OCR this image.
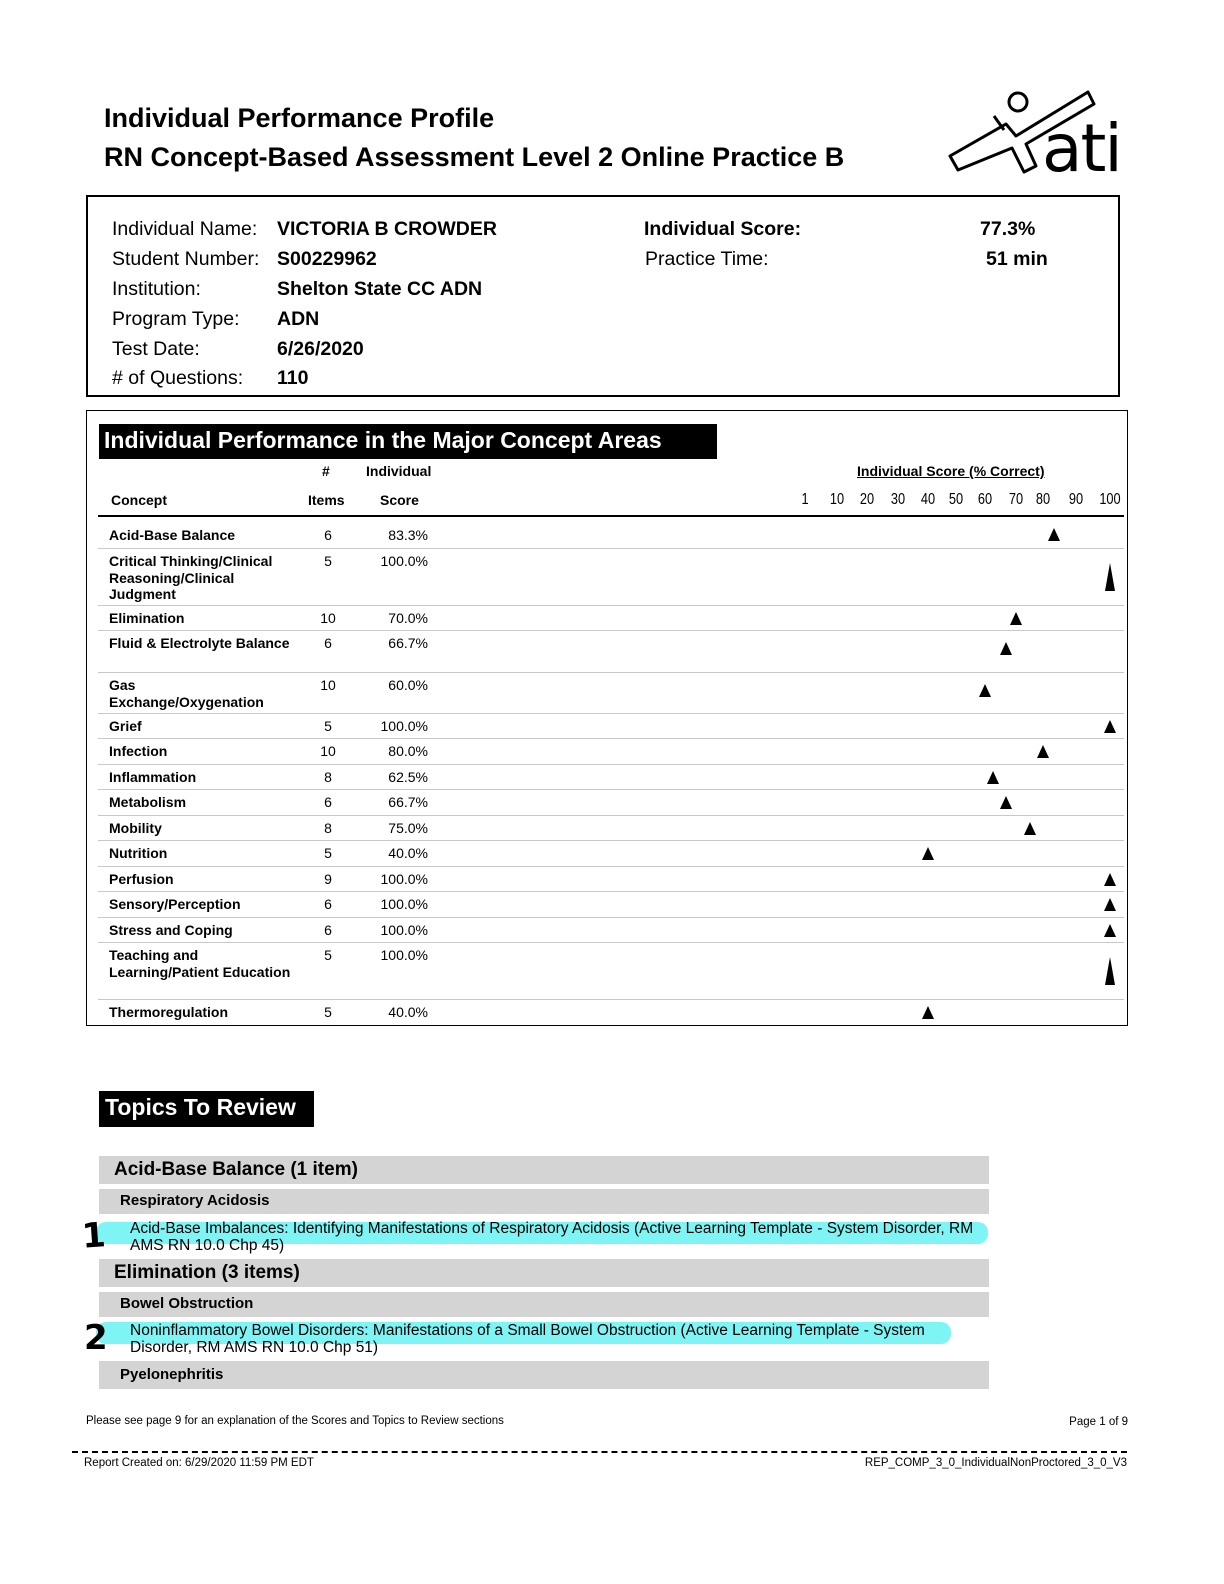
Individual Performance Profile
RN Concept-Based Assessment Level 2 Online Practice B	ati
Individual Name: VICTORIA B CROWDER
Student Number: S00229962
Institution:	Shelton State CC ADN
Program Type: ADN
Test Date:	6/26/2020
# of Questions: 110
Individual Score:	77.3%
Practice Time:	51 min
Individual Performance in the Major Concept Areas
#	Individual
Concept	Items	Score
Individual Score (% Correct)
1 10 20 30 40 50 60 70 80 90 100
Acid-Base Balance	6	83.3%
Critical Thinking/Clinical Reasoning/Clinical Judgment
5	100.0%
Elimination	10	70.0%
Fluid & Electrolyte Balance	6	66.7%
Gas Exchange/Oxygenation
10	60.0%
Grief	5	100.0%
Infection	10	80.0%
Inflammation	8	62.5%
Metabolism	6	66.7%
Mobility	8	75.0%
Nutrition	5	40.0%
Perfusion	9	100.0%
Sensory/Perception	6	100.0%
Stress and Coping	6	100.0%
Teaching and Learning/Patient Education
5	100.0%
Thermoregulation	5	40.0%
Topics To Review
Acid-Base Balance (1 item)
Respiratory Acidosis
Acid-Base Imbalances: Identifying Manifestations of Respiratory Acidosis (Active Learning Template - System Disorder, RM AMS RN 10.0 Chp 45)
1
Elimination (3 items)
Bowel Obstruction
Noninflammatory Bowel Disorders: Manifestations of a Small Bowel Obstruction (Active Learning Template - System Disorder, RM AMS RN 10.0 Chp 51)
2
Pyelonephritis
Please see page 9 for an explanation of the Scores and Topics to Review sections	Page 1 of 9
Report Created on: 6/29/2020 11:59 PM EDT	REP_COMP_3_0_IndividualNonProctored_3_0_V3
